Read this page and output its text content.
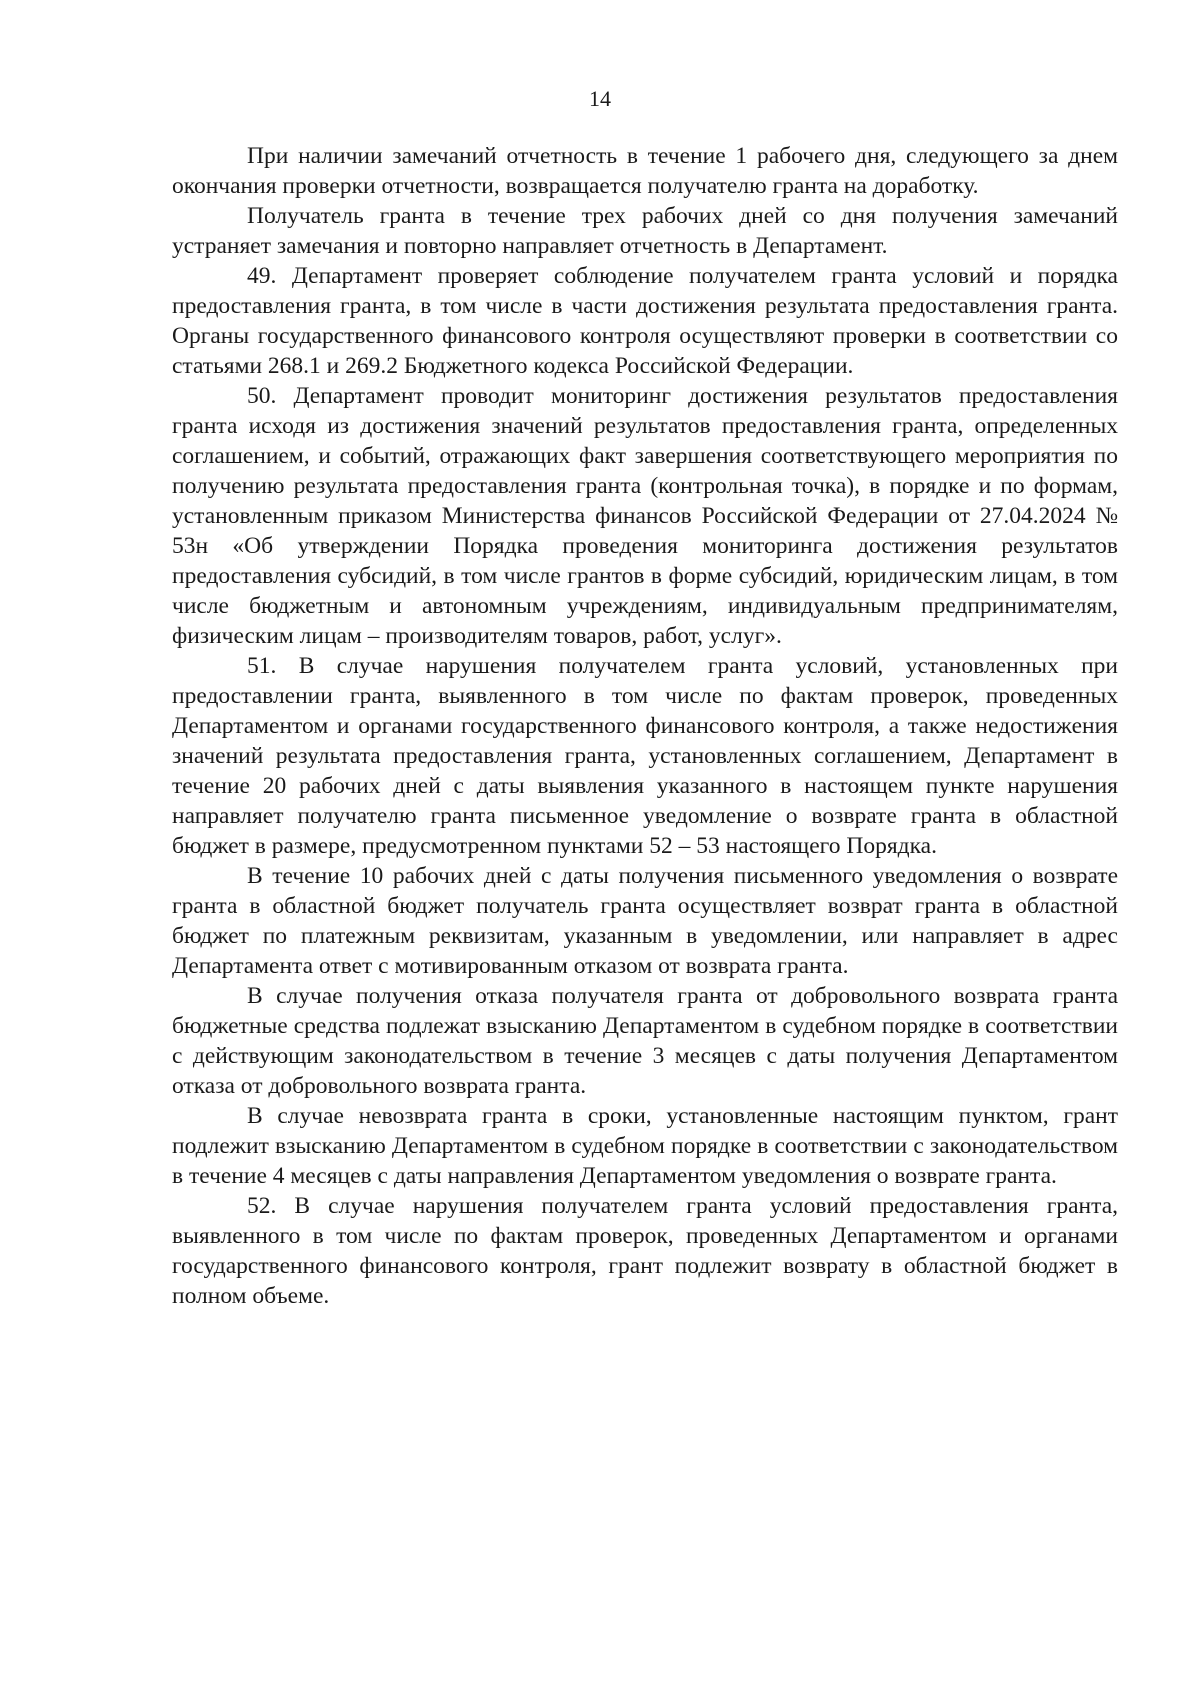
14

При наличии замечаний отчетность в течение 1 рабочего дня, следующего за днем окончания проверки отчетности, возвращается получателю гранта на доработку.

Получатель гранта в течение трех рабочих дней со дня получения замечаний устраняет замечания и повторно направляет отчетность в Департамент.

49. Департамент проверяет соблюдение получателем гранта условий и порядка предоставления гранта, в том числе в части достижения результата предоставления гранта. Органы государственного финансового контроля осуществляют проверки в соответствии со статьями 268.1 и 269.2 Бюджетного кодекса Российской Федерации.

50. Департамент проводит мониторинг достижения результатов предоставления гранта исходя из достижения значений результатов предоставления гранта, определенных соглашением, и событий, отражающих факт завершения соответствующего мероприятия по получению результата предоставления гранта (контрольная точка), в порядке и по формам, установленным приказом Министерства финансов Российской Федерации от 27.04.2024 № 53н «Об утверждении Порядка проведения мониторинга достижения результатов предоставления субсидий, в том числе грантов в форме субсидий, юридическим лицам, в том числе бюджетным и автономным учреждениям, индивидуальным предпринимателям, физическим лицам – производителям товаров, работ, услуг».

51. В случае нарушения получателем гранта условий, установленных при предоставлении гранта, выявленного в том числе по фактам проверок, проведенных Департаментом и органами государственного финансового контроля, а также недостижения значений результата предоставления гранта, установленных соглашением, Департамент в течение 20 рабочих дней с даты выявления указанного в настоящем пункте нарушения направляет получателю гранта письменное уведомление о возврате гранта в областной бюджет в размере, предусмотренном пунктами 52 – 53 настоящего Порядка.

В течение 10 рабочих дней с даты получения письменного уведомления о возврате гранта в областной бюджет получатель гранта осуществляет возврат гранта в областной бюджет по платежным реквизитам, указанным в уведомлении, или направляет в адрес Департамента ответ с мотивированным отказом от возврата гранта.

В случае получения отказа получателя гранта от добровольного возврата гранта бюджетные средства подлежат взысканию Департаментом в судебном порядке в соответствии с действующим законодательством в течение 3 месяцев с даты получения Департаментом отказа от добровольного возврата гранта.

В случае невозврата гранта в сроки, установленные настоящим пунктом, грант подлежит взысканию Департаментом в судебном порядке в соответствии с законодательством в течение 4 месяцев с даты направления Департаментом уведомления о возврате гранта.

52. В случае нарушения получателем гранта условий предоставления гранта, выявленного в том числе по фактам проверок, проведенных Департаментом и органами государственного финансового контроля, грант подлежит возврату в областной бюджет в полном объеме.
